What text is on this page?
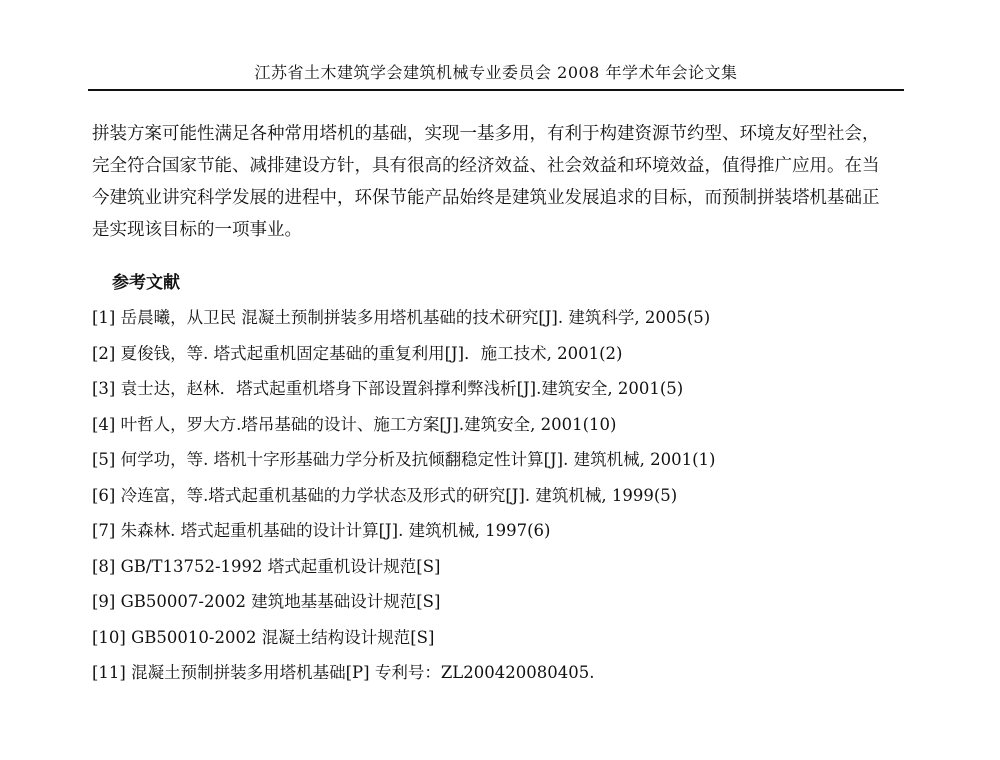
江苏省土木建筑学会建筑机械专业委员会 2008 年学术年会论文集

拼装方案可能性满足各种常用塔机的基础，实现一基多用，有利于构建资源节约型、环境友好型社会，
完全符合国家节能、减排建设方针，具有很高的经济效益、社会效益和环境效益，值得推广应用。在当
今建筑业讲究科学发展的进程中，环保节能产品始终是建筑业发展追求的目标，而预制拼装塔机基础正
是实现该目标的一项事业。

参考文献
[1] 岳晨曦，从卫民 混凝土预制拼装多用塔机基础的技术研究[J]. 建筑科学, 2005(5)
[2] 夏俊钱，等. 塔式起重机固定基础的重复利用[J]．施工技术, 2001(2)
[3] 袁士达，赵林．塔式起重机塔身下部设置斜撑利弊浅析[J].建筑安全, 2001(5)
[4] 叶哲人，罗大方.塔吊基础的设计、施工方案[J].建筑安全, 2001(10)
[5] 何学功，等. 塔机十字形基础力学分析及抗倾翻稳定性计算[J]. 建筑机械, 2001(1)
[6] 冷连富，等.塔式起重机基础的力学状态及形式的研究[J]. 建筑机械, 1999(5)
[7] 朱森林. 塔式起重机基础的设计计算[J]. 建筑机械, 1997(6)
[8] GB/T13752-1992 塔式起重机设计规范[S]
[9] GB50007-2002 建筑地基基础设计规范[S]
[10] GB50010-2002 混凝土结构设计规范[S]
[11] 混凝土预制拼装多用塔机基础[P] 专利号：ZL200420080405.
